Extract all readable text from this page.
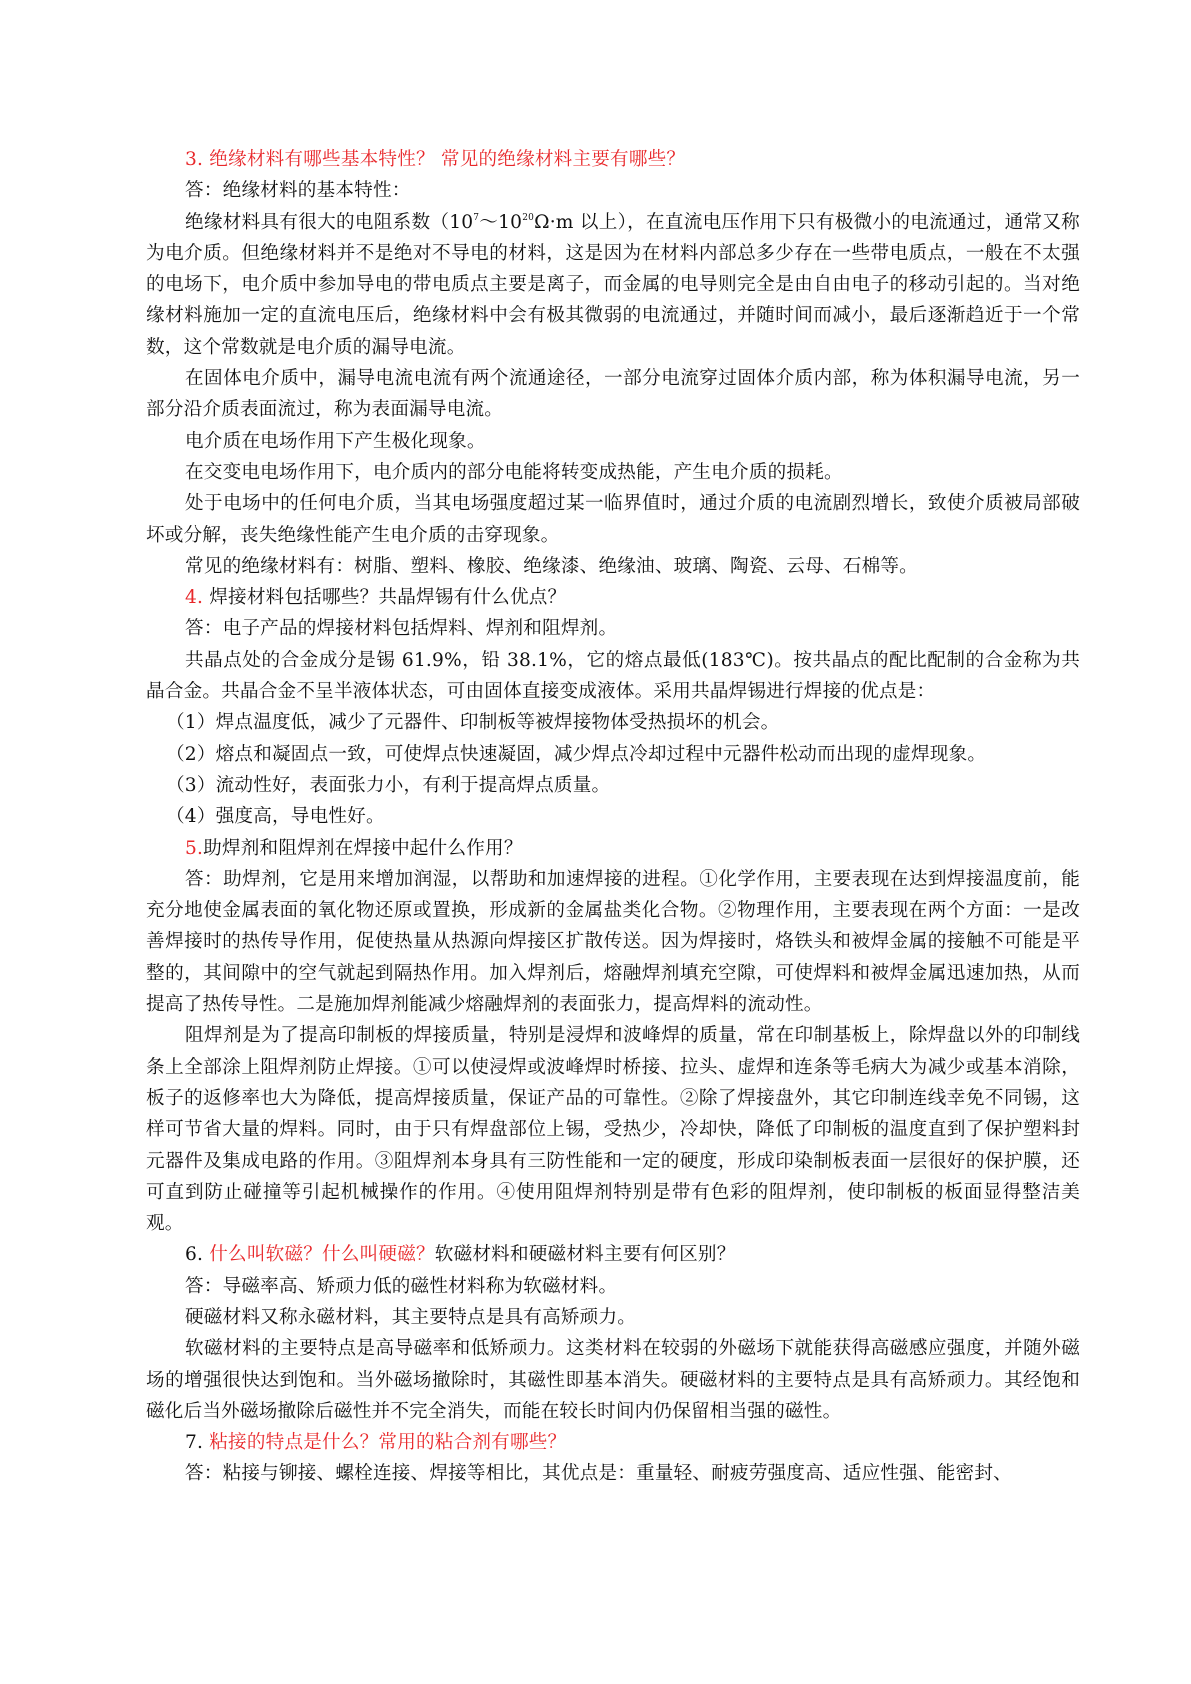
3. 绝缘材料有哪些基本特性？ 常见的绝缘材料主要有哪些？

答：绝缘材料的基本特性：

绝缘材料具有很大的电阻系数（$10^7\sim 10^{20}\Omega\cdot m$ 以上），在直流电压作用下只有极微小的电流通过，通常又称为电介质。但绝缘材料并不是绝对不导电的材料，这是因为在材料内部总多少存在一些带电质点，一般在不太强的电场下，电介质中参加导电的带电质点主要是离子，而金属的电导则完全是由自由电子的移动引起的。当对绝缘材料施加一定的直流电压后，绝缘材料中会有极其微弱的电流通过，并随时间而减小，最后逐渐趋近于一个常数，这个常数就是电介质的漏导电流。

在固体电介质中，漏导电流电流有两个流通途径，一部分电流穿过固体介质内部，称为体积漏导电流，另一部分沿介质表面流过，称为表面漏导电流。

电介质在电场作用下产生极化现象。

在交变电电场作用下，电介质内的部分电能将转变成热能，产生电介质的损耗。

处于电场中的任何电介质，当其电场强度超过某一临界值时，通过介质的电流剧烈增长，致使介质被局部破坏或分解，丧失绝缘性能产生电介质的击穿现象。

常见的绝缘材料有：树脂、塑料、橡胶、绝缘漆、绝缘油、玻璃、陶瓷、云母、石棉等。

4. 焊接材料包括哪些？共晶焊锡有什么优点？

答：电子产品的焊接材料包括焊料、焊剂和阻焊剂。

共晶点处的合金成分是锡 61.9%，铅 38.1%，它的熔点最低(183℃)。按共晶点的配比配制的合金称为共晶合金。共晶合金不呈半液体状态，可由固体直接变成液体。采用共晶焊锡进行焊接的优点是：

（1）焊点温度低，减少了元器件、印制板等被焊接物体受热损坏的机会。

（2）熔点和凝固点一致，可使焊点快速凝固，减少焊点冷却过程中元器件松动而出现的虚焊现象。

（3）流动性好，表面张力小，有利于提高焊点质量。

（4）强度高，导电性好。

5.助焊剂和阻焊剂在焊接中起什么作用？

答：助焊剂，它是用来增加润湿，以帮助和加速焊接的进程。①化学作用，主要表现在达到焊接温度前，能充分地使金属表面的氧化物还原或置换，形成新的金属盐类化合物。②物理作用，主要表现在两个方面：一是改善焊接时的热传导作用，促使热量从热源向焊接区扩散传送。因为焊接时，烙铁头和被焊金属的接触不可能是平整的，其间隙中的空气就起到隔热作用。加入焊剂后，熔融焊剂填充空隙，可使焊料和被焊金属迅速加热，从而提高了热传导性。二是施加焊剂能减少熔融焊剂的表面张力，提高焊料的流动性。

阻焊剂是为了提高印制板的焊接质量，特别是浸焊和波峰焊的质量，常在印制基板上，除焊盘以外的印制线条上全部涂上阻焊剂防止焊接。①可以使浸焊或波峰焊时桥接、拉头、虚焊和连条等毛病大为减少或基本消除，板子的返修率也大为降低，提高焊接质量，保证产品的可靠性。②除了焊接盘外，其它印制连线幸免不同锡，这样可节省大量的焊料。同时，由于只有焊盘部位上锡，受热少，冷却快，降低了印制板的温度直到了保护塑料封元器件及集成电路的作用。③阻焊剂本身具有三防性能和一定的硬度，形成印染制板表面一层很好的保护膜，还可直到防止碰撞等引起机械操作的作用。④使用阻焊剂特别是带有色彩的阻焊剂，使印制板的板面显得整洁美观。

6. 什么叫软磁？什么叫硬磁？软磁材料和硬磁材料主要有何区别？

答：导磁率高、矫顽力低的磁性材料称为软磁材料。

硬磁材料又称永磁材料，其主要特点是具有高矫顽力。

软磁材料的主要特点是高导磁率和低矫顽力。这类材料在较弱的外磁场下就能获得高磁感应强度，并随外磁场的增强很快达到饱和。当外磁场撤除时，其磁性即基本消失。硬磁材料的主要特点是具有高矫顽力。其经饱和磁化后当外磁场撤除后磁性并不完全消失，而能在较长时间内仍保留相当强的磁性。

7. 粘接的特点是什么？常用的粘合剂有哪些？

答：粘接与铆接、螺栓连接、焊接等相比，其优点是：重量轻、耐疲劳强度高、适应性强、能密封、
